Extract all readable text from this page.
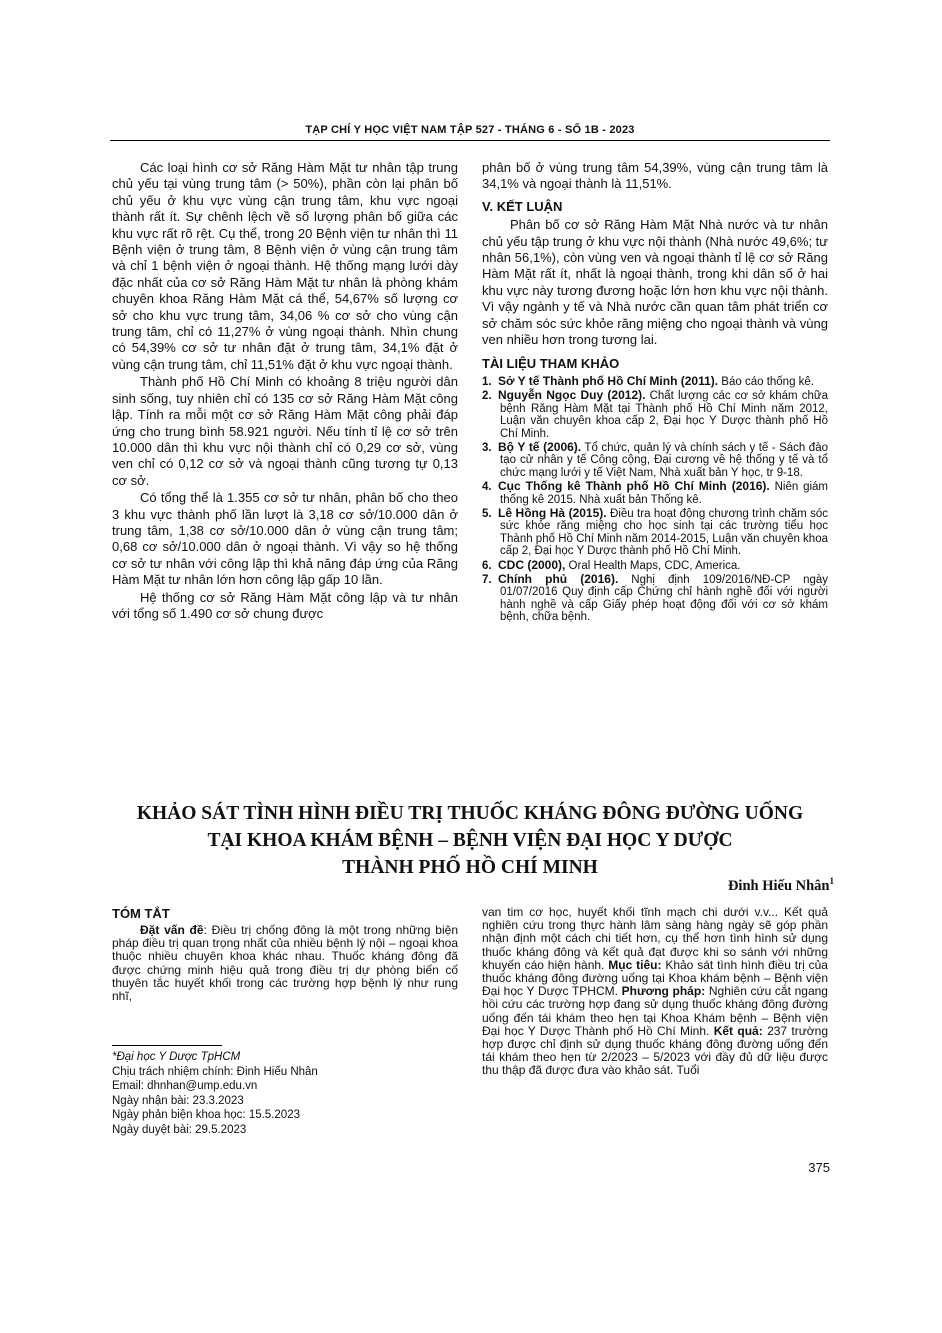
TẠP CHÍ Y HỌC VIỆT NAM TẬP 527 - THÁNG 6 - SỐ 1B - 2023

Các loại hình cơ sở Răng Hàm Mặt tư nhân tập trung chủ yếu tại vùng trung tâm (> 50%), phần còn lại phân bố chủ yếu ở khu vực vùng cận trung tâm, khu vực ngoại thành rất ít. Sự chênh lệch về số lượng phân bố giữa các khu vực rất rõ rệt. Cụ thể, trong 20 Bệnh viện tư nhân thì 11 Bệnh viện ở trung tâm, 8 Bệnh viện ở vùng cận trung tâm và chỉ 1 bệnh viện ở ngoại thành. Hệ thống mạng lưới dày đặc nhất của cơ sở Răng Hàm Mặt tư nhân là phòng khám chuyên khoa Răng Hàm Mặt cá thể, 54,67% số lượng cơ sở cho khu vực trung tâm, 34,06 % cơ sở cho vùng cận trung tâm, chỉ có 11,27% ở vùng ngoại thành. Nhìn chung có 54,39% cơ sở tư nhân đặt ở trung tâm, 34,1% đặt ở vùng cận trung tâm, chỉ 11,51% đặt ở khu vực ngoại thành.

Thành phố Hồ Chí Minh có khoảng 8 triệu người dân sinh sống, tuy nhiên chỉ có 135 cơ sở Răng Hàm Mặt công lập. Tính ra mỗi một cơ sở Răng Hàm Mặt công phải đáp ứng cho trung bình 58.921 người. Nếu tính tỉ lệ cơ sở trên 10.000 dân thì khu vực nội thành chỉ có 0,29 cơ sở, vùng ven chỉ có 0,12 cơ sở và ngoại thành cũng tương tự 0,13 cơ sở.

Có tổng thể là 1.355 cơ sở tư nhân, phân bố cho theo 3 khu vực thành phố lần lượt là 3,18 cơ sở/10.000 dân ở trung tâm, 1,38 cơ sở/10.000 dân ở vùng cận trung tâm; 0,68 cơ sở/10.000 dân ở ngoại thành. Vì vậy so hệ thống cơ sở tư nhân với công lập thì khả năng đáp ứng của Răng Hàm Mặt tư nhân lớn hơn công lập gấp 10 lần.

Hệ thống cơ sở Răng Hàm Mặt công lập và tư nhân với tổng số 1.490 cơ sở chung được

phân bố ở vùng trung tâm 54,39%, vùng cận trung tâm là 34,1% và ngoại thành là 11,51%.

V. KẾT LUẬN

Phân bố cơ sở Răng Hàm Mặt Nhà nước và tư nhân chủ yếu tập trung ở khu vực nội thành (Nhà nước 49,6%; tư nhân 56,1%), còn vùng ven và ngoại thành tỉ lệ cơ sở Răng Hàm Mặt rất ít, nhất là ngoại thành, trong khi dân số ở hai khu vực này tương đương hoặc lớn hơn khu vực nội thành. Vì vậy ngành y tế và Nhà nước cần quan tâm phát triển cơ sở chăm sóc sức khỏe răng miệng cho ngoại thành và vùng ven nhiều hơn trong tương lai.

TÀI LIỆU THAM KHẢO
1. Sở Y tế Thành phố Hồ Chí Minh (2011). Báo cáo thống kê.
2. Nguyễn Ngọc Duy (2012). Chất lượng các cơ sở khám chữa bệnh Răng Hàm Mặt tại Thành phố Hồ Chí Minh năm 2012, Luận văn chuyên khoa cấp 2, Đại học Y Dược thành phố Hồ Chí Minh.
3. Bộ Y tế (2006). Tổ chức, quản lý và chính sách y tế - Sách đào tạo cử nhân y tế Công cộng, Đại cương về hệ thống y tế và tổ chức mạng lưới y tế Việt Nam, Nhà xuất bản Y học, tr 9-18.
4. Cục Thống kê Thành phố Hồ Chí Minh (2016). Niên giám thống kê 2015. Nhà xuất bản Thống kê.
5. Lê Hồng Hà (2015). Điều tra hoạt động chương trình chăm sóc sức khỏe răng miệng cho học sinh tại các trường tiểu học Thành phố Hồ Chí Minh năm 2014-2015, Luận văn chuyên khoa cấp 2, Đại học Y Dược thành phố Hồ Chí Minh.
6. CDC (2000), Oral Health Maps, CDC, America.
7. Chính phủ (2016). Nghị định 109/2016/NĐ-CP ngày 01/07/2016 Quy định cấp Chứng chỉ hành nghề đối với người hành nghề và cấp Giấy phép hoạt động đối với cơ sở khám bệnh, chữa bệnh.
KHẢO SÁT TÌNH HÌNH ĐIỀU TRỊ THUỐC KHÁNG ĐÔNG ĐƯỜNG UỐNG
TẠI KHOA KHÁM BỆNH – BỆNH VIỆN ĐẠI HỌC Y DƯỢC
THÀNH PHỐ HỒ CHÍ MINH
Đinh Hiếu Nhân$^1$
TÓM TẮT

Đặt vấn đề: Điều trị chống đông là một trong những biện pháp điều trị quan trọng nhất của nhiều bệnh lý nội – ngoại khoa thuộc nhiều chuyên khoa khác nhau. Thuốc kháng đông đã được chứng minh hiệu quả trong điều trị dự phòng biến cố thuyên tắc huyết khối trong các trường hợp bệnh lý như rung nhĩ,

van tim cơ học, huyết khối tĩnh mạch chi dưới v.v... Kết quả nghiên cứu trong thực hành lâm sàng hàng ngày sẽ góp phần nhận định một cách chi tiết hơn, cụ thể hơn tình hình sử dụng thuốc kháng đông và kết quả đạt được khi so sánh với những khuyến cáo hiện hành. Mục tiêu: Khảo sát tình hình điều trị của thuốc kháng đông đường uống tại Khoa khám bệnh – Bệnh viện Đại học Y Dược TPHCM. Phương pháp: Nghiên cứu cắt ngang hồi cứu các trường hợp đang sử dụng thuốc kháng đông đường uống đến tái khám theo hẹn tại Khoa Khám bệnh – Bệnh viện Đại học Y Dược Thành phố Hồ Chí Minh. Kết quả: 237 trường hợp được chỉ định sử dụng thuốc kháng đông đường uống đến tái khám theo hẹn từ 2/2023 – 5/2023 với đầy đủ dữ liệu được thu thập đã được đưa vào khảo sát. Tuổi

*Đại học Y Dược TpHCM
Chịu trách nhiệm chính: Đinh Hiếu Nhân
Email: dhnhan@ump.edu.vn
Ngày nhận bài: 23.3.2023
Ngày phản biện khoa học: 15.5.2023
Ngày duyệt bài: 29.5.2023
375
